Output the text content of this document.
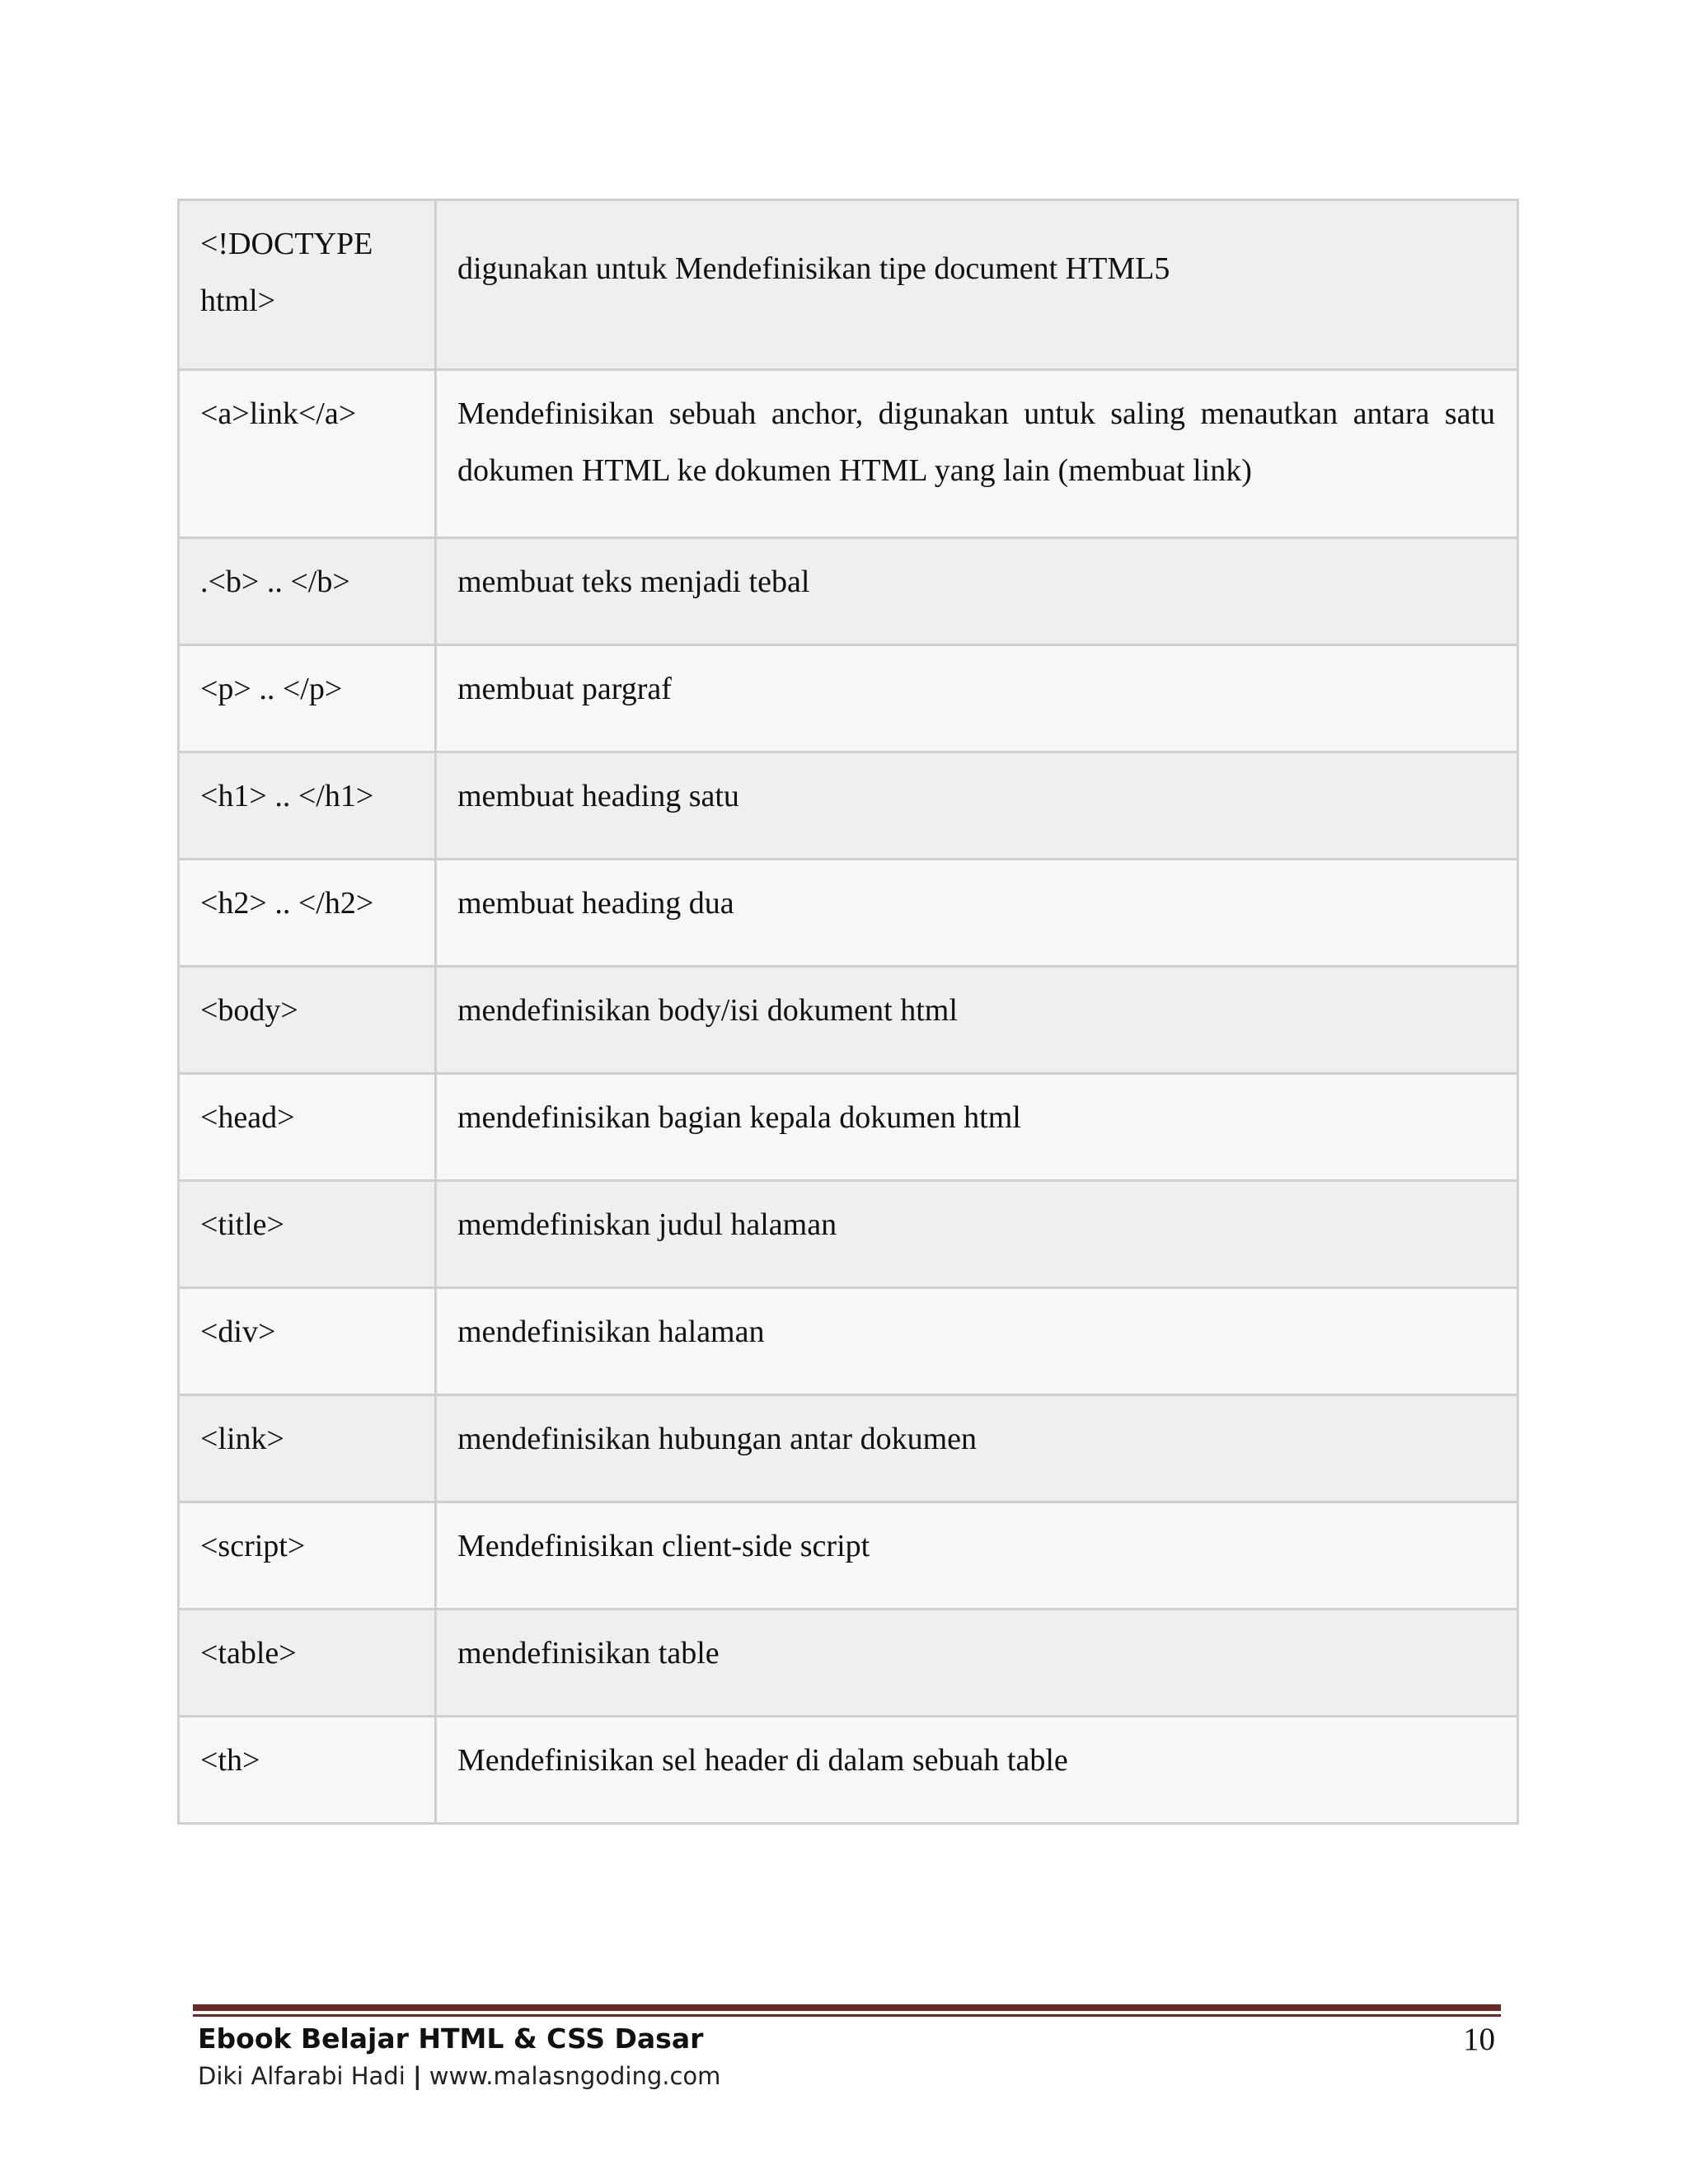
<!DOCTYPE html>	digunakan untuk Mendefinisikan tipe document HTML5
<a>link</a>	Mendefinisikan sebuah anchor, digunakan untuk saling menautkan antara satu dokumen HTML ke dokumen HTML yang lain (membuat link)
.<b> .. </b>	membuat teks menjadi tebal
<p> .. </p>	membuat pargraf
<h1> .. </h1>	membuat heading satu
<h2> .. </h2>	membuat heading dua
<body>	mendefinisikan body/isi dokument html
<head>	mendefinisikan bagian kepala dokumen html
<title>	memdefiniskan judul halaman
<div>	mendefinisikan halaman
<link>	mendefinisikan hubungan antar dokumen
<script>	Mendefinisikan client-side script
<table>	mendefinisikan table
<th>	Mendefinisikan sel header di dalam sebuah table
Ebook Belajar HTML & CSS Dasar	10
Diki Alfarabi Hadi | www.malasngoding.com
